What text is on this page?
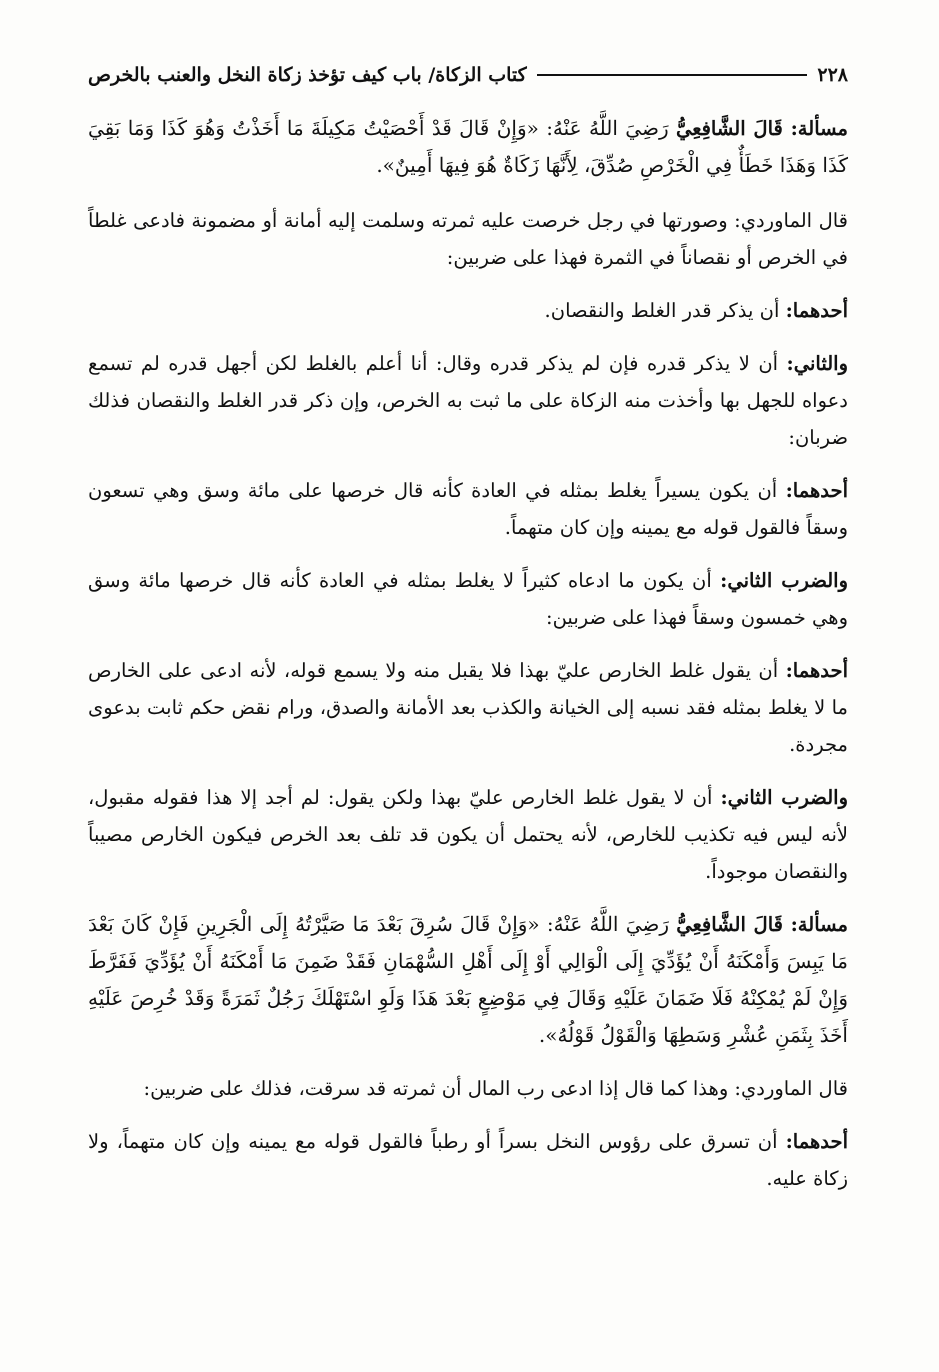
٢٢٨
كتاب الزكاة/ باب كيف تؤخذ زكاة النخل والعنب بالخرص

مسألة: قَالَ الشَّافِعِيُّ رَضِيَ اللَّهُ عَنْهُ: «وَإِنْ قَالَ قَدْ أَحْصَيْتُ مَكِيلَةَ مَا أَخَذْتُ وَهُوَ كَذَا وَمَا بَقِيَ كَذَا وَهَذَا خَطَأٌ فِي الْخَرْصِ صُدِّقَ، لِأَنَّهَا زَكَاةٌ هُوَ فِيهَا أَمِينٌ».

قال الماوردي: وصورتها في رجل خرصت عليه ثمرته وسلمت إليه أمانة أو مضمونة فادعى غلطاً في الخرص أو نقصاناً في الثمرة فهذا على ضربين:

أحدهما: أن يذكر قدر الغلط والنقصان.

والثاني: أن لا يذكر قدره فإن لم يذكر قدره وقال: أنا أعلم بالغلط لكن أجهل قدره لم تسمع دعواه للجهل بها وأخذت منه الزكاة على ما ثبت به الخرص، وإن ذكر قدر الغلط والنقصان فذلك ضربان:

أحدهما: أن يكون يسيراً يغلط بمثله في العادة كأنه قال خرصها على مائة وسق وهي تسعون وسقاً فالقول قوله مع يمينه وإن كان متهماً.

والضرب الثاني: أن يكون ما ادعاه كثيراً لا يغلط بمثله في العادة كأنه قال خرصها مائة وسق وهي خمسون وسقاً فهذا على ضربين:

أحدهما: أن يقول غلط الخارص عليّ بهذا فلا يقبل منه ولا يسمع قوله، لأنه ادعى على الخارص ما لا يغلط بمثله فقد نسبه إلى الخيانة والكذب بعد الأمانة والصدق، ورام نقض حكم ثابت بدعوى مجردة.

والضرب الثاني: أن لا يقول غلط الخارص عليّ بهذا ولكن يقول: لم أجد إلا هذا فقوله مقبول، لأنه ليس فيه تكذيب للخارص، لأنه يحتمل أن يكون قد تلف بعد الخرص فيكون الخارص مصيباً والنقصان موجوداً.

مسألة: قَالَ الشَّافِعِيُّ رَضِيَ اللَّهُ عَنْهُ: «وَإِنْ قَالَ سُرِقَ بَعْدَ مَا صَيَّرْتُهُ إِلَى الْجَرِينِ فَإِنْ كَانَ بَعْدَ مَا يَبِسَ وَأَمْكَنَهُ أَنْ يُؤَدِّيَ إِلَى الْوَالِي أَوْ إِلَى أَهْلِ السُّهْمَانِ فَقَدْ ضَمِنَ مَا أَمْكَنَهُ أَنْ يُؤَدِّيَ فَفَرَّطَ وَإِنْ لَمْ يُمْكِنْهُ فَلَا ضَمَانَ عَلَيْهِ وَقَالَ فِي مَوْضِعٍ بَعْدَ هَذَا وَلَوِ اسْتَهْلَكَ رَجُلٌ ثَمَرَةً وَقَدْ خُرِصَ عَلَيْهِ أَخَذَ بِثَمَنِ عُشْرِ وَسَطِهَا وَالْقَوْلُ قَوْلُهُ».

قال الماوردي: وهذا كما قال إذا ادعى رب المال أن ثمرته قد سرقت، فذلك على ضربين:

أحدهما: أن تسرق على رؤوس النخل بسراً أو رطباً فالقول قوله مع يمينه وإن كان متهماً، ولا زكاة عليه.
